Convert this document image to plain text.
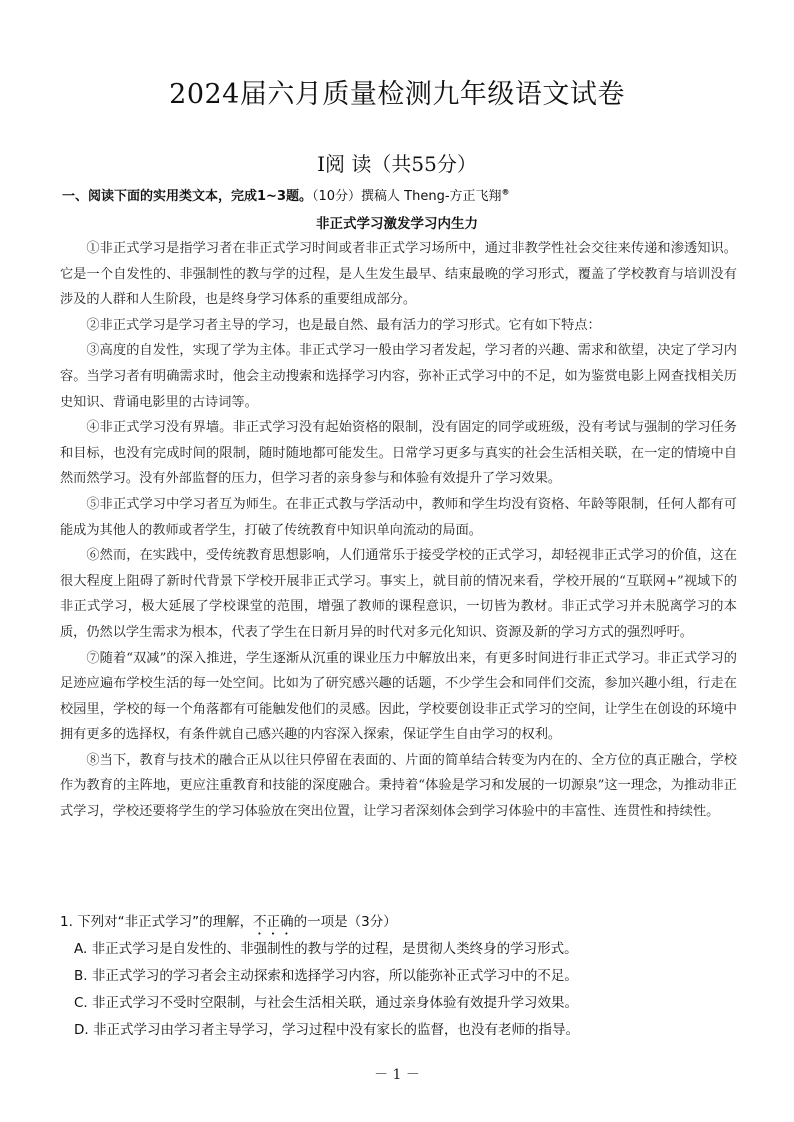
2024届六月质量检测九年级语文试卷
Ⅰ阅 读（共55分）
一、阅读下面的实用类文本，完成1~3题。（10分）撰稿人 Theng-方正飞翔®
非正式学习激发学习内生力

①非正式学习是指学习者在非正式学习时间或者非正式学习场所中，通过非教学性社会交往来传递和渗透知识。它是一个自发性的、非强制性的教与学的过程，是人生发生最早、结束最晚的学习形式，覆盖了学校教育与培训没有涉及的人群和人生阶段，也是终身学习体系的重要组成部分。

②非正式学习是学习者主导的学习，也是最自然、最有活力的学习形式。它有如下特点：

③高度的自发性，实现了学为主体。非正式学习一般由学习者发起，学习者的兴趣、需求和欲望，决定了学习内容。当学习者有明确需求时，他会主动搜索和选择学习内容，弥补正式学习中的不足，如为鉴赏电影上网查找相关历史知识、背诵电影里的古诗词等。

④非正式学习没有界墙。非正式学习没有起始资格的限制，没有固定的同学或班级，没有考试与强制的学习任务和目标，也没有完成时间的限制，随时随地都可能发生。日常学习更多与真实的社会生活相关联，在一定的情境中自然而然学习。没有外部监督的压力，但学习者的亲身参与和体验有效提升了学习效果。

⑤非正式学习中学习者互为师生。在非正式教与学活动中，教师和学生均没有资格、年龄等限制，任何人都有可能成为其他人的教师或者学生，打破了传统教育中知识单向流动的局面。

⑥然而，在实践中，受传统教育思想影响，人们通常乐于接受学校的正式学习，却轻视非正式学习的价值，这在很大程度上阻碍了新时代背景下学校开展非正式学习。事实上，就目前的情况来看，学校开展的“互联网+”视域下的非正式学习，极大延展了学校课堂的范围，增强了教师的课程意识，一切皆为教材。非正式学习并未脱离学习的本质，仍然以学生需求为根本，代表了学生在日新月异的时代对多元化知识、资源及新的学习方式的强烈呼吁。

⑦随着“双减”的深入推进，学生逐渐从沉重的课业压力中解放出来，有更多时间进行非正式学习。非正式学习的足迹应遍布学校生活的每一处空间。比如为了研究感兴趣的话题，不少学生会和同伴们交流，参加兴趣小组，行走在校园里，学校的每一个角落都有可能触发他们的灵感。因此，学校要创设非正式学习的空间，让学生在创设的环境中拥有更多的选择权，有条件就自己感兴趣的内容深入探索，保证学生自由学习的权利。

⑧当下，教育与技术的融合正从以往只停留在表面的、片面的简单结合转变为内在的、全方位的真正融合，学校作为教育的主阵地，更应注重教育和技能的深度融合。秉持着“体验是学习和发展的一切源泉”这一理念，为推动非正式学习，学校还要将学生的学习体验放在突出位置，让学习者深刻体会到学习体验中的丰富性、连贯性和持续性。

1. 下列对“非正式学习”的理解，不正确的一项是（3分）
A. 非正式学习是自发性的、非强制性的教与学的过程，是贯彻人类终身的学习形式。
B. 非正式学习的学习者会主动探索和选择学习内容，所以能弥补正式学习中的不足。
C. 非正式学习不受时空限制，与社会生活相关联，通过亲身体验有效提升学习效果。
D. 非正式学习由学习者主导学习，学习过程中没有家长的监督，也没有老师的指导。
－ 1 －
